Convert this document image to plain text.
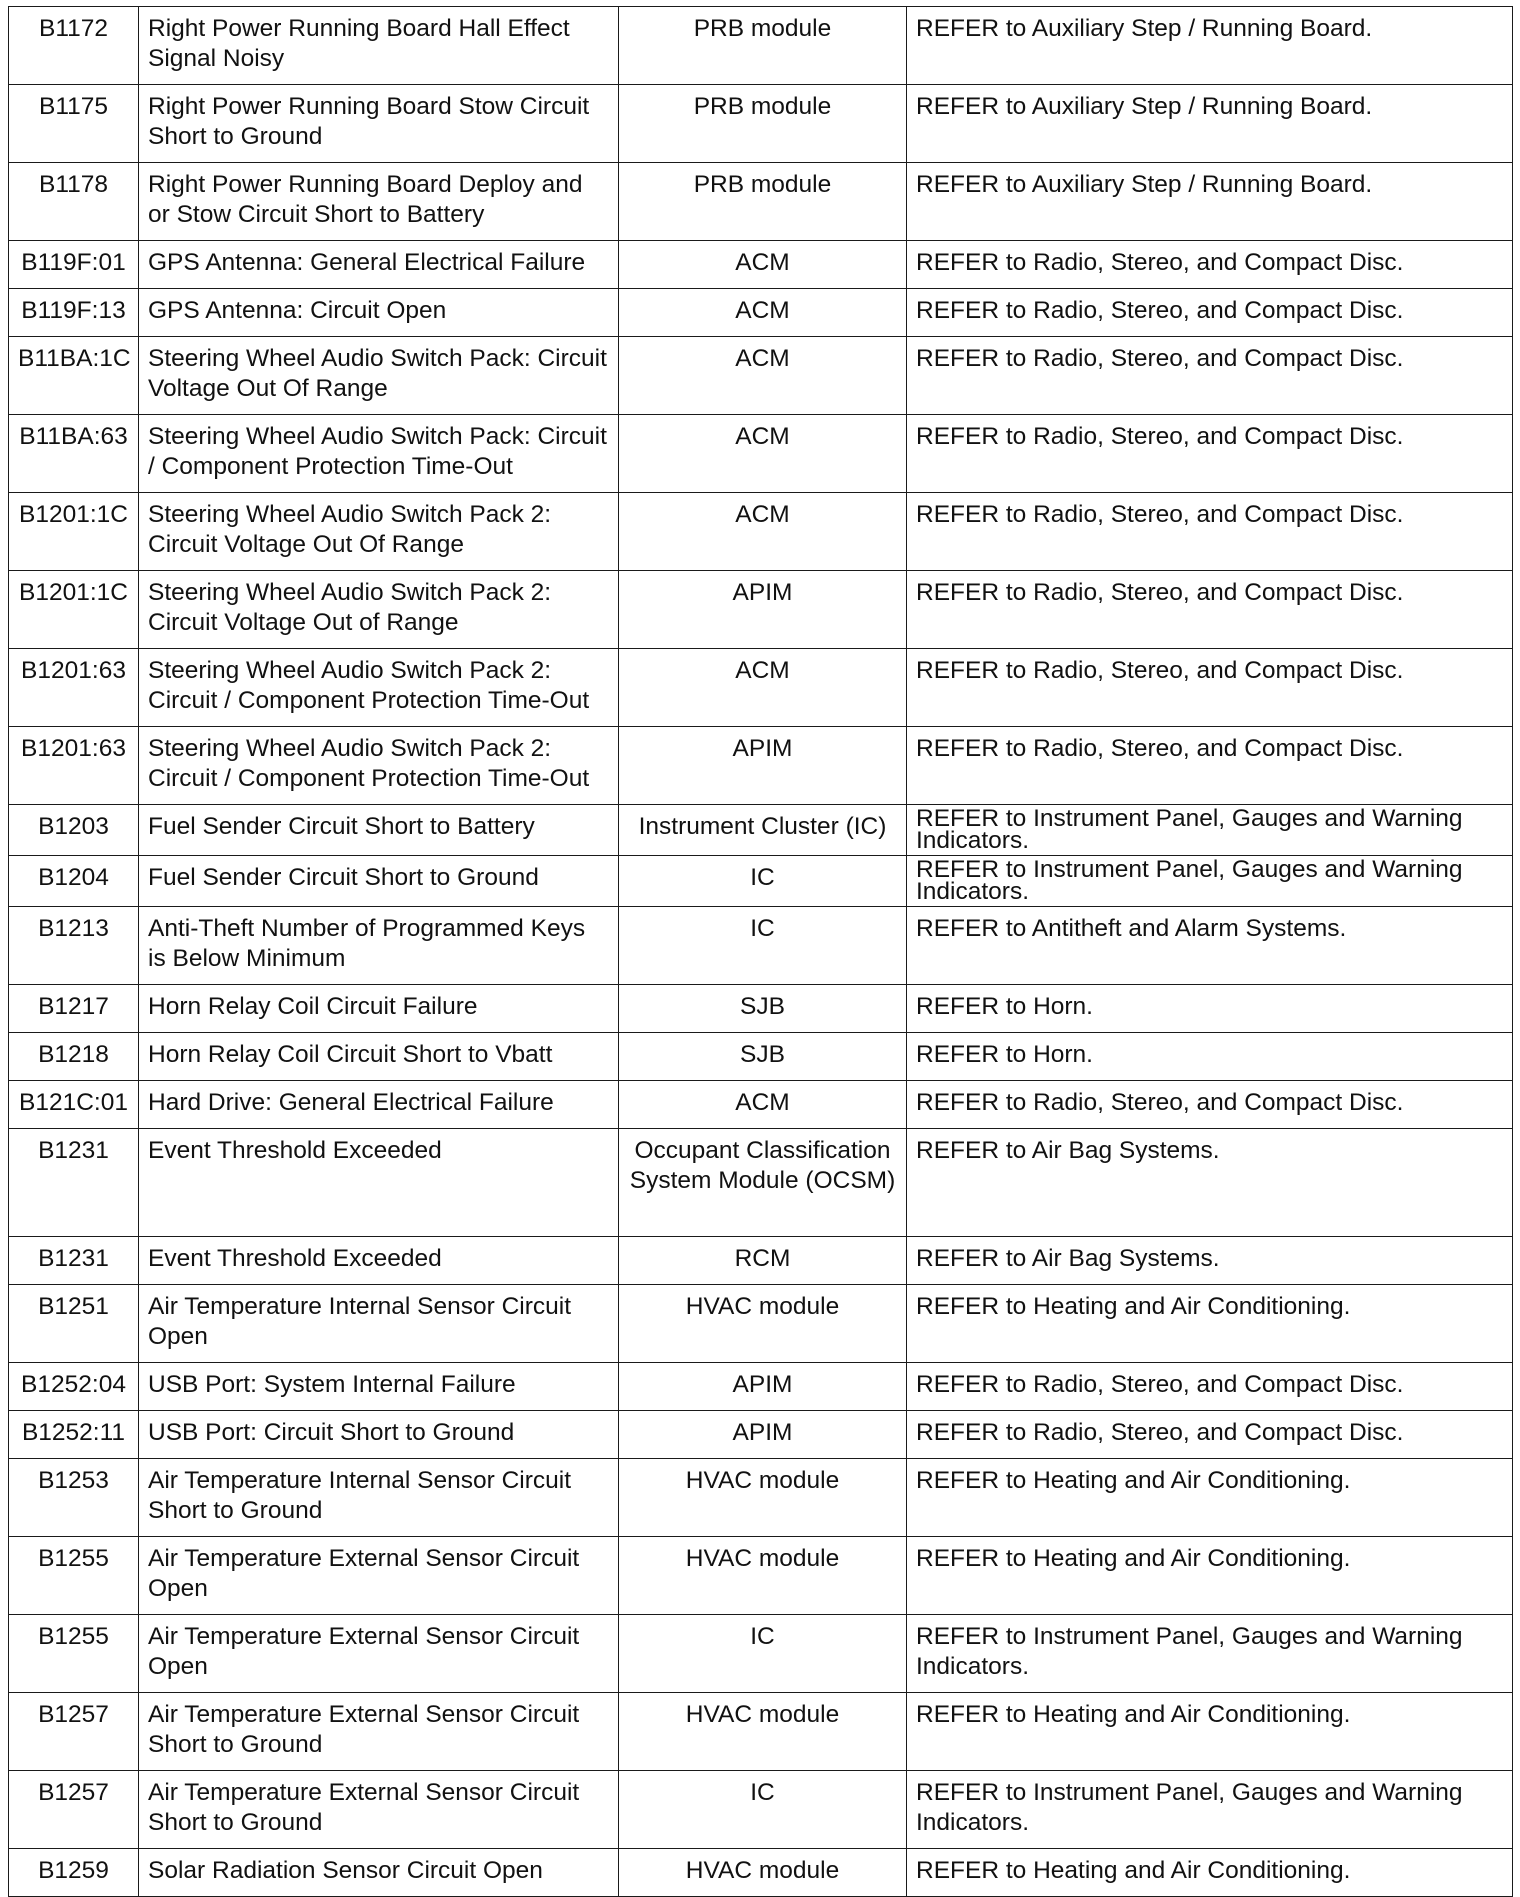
B1172	Right Power Running Board Hall Effect Signal Noisy	PRB module	REFER to Auxiliary Step / Running Board.
B1175	Right Power Running Board Stow Circuit Short to Ground	PRB module	REFER to Auxiliary Step / Running Board.
B1178	Right Power Running Board Deploy and or Stow Circuit Short to Battery	PRB module	REFER to Auxiliary Step / Running Board.
B119F:01	GPS Antenna: General Electrical Failure	ACM	REFER to Radio, Stereo, and Compact Disc.
B119F:13	GPS Antenna: Circuit Open	ACM	REFER to Radio, Stereo, and Compact Disc.
B11BA:1C	Steering Wheel Audio Switch Pack: Circuit Voltage Out Of Range	ACM	REFER to Radio, Stereo, and Compact Disc.
B11BA:63	Steering Wheel Audio Switch Pack: Circuit / Component Protection Time-Out	ACM	REFER to Radio, Stereo, and Compact Disc.
B1201:1C	Steering Wheel Audio Switch Pack 2: Circuit Voltage Out Of Range	ACM	REFER to Radio, Stereo, and Compact Disc.
B1201:1C	Steering Wheel Audio Switch Pack 2: Circuit Voltage Out of Range	APIM	REFER to Radio, Stereo, and Compact Disc.
B1201:63	Steering Wheel Audio Switch Pack 2: Circuit / Component Protection Time-Out	ACM	REFER to Radio, Stereo, and Compact Disc.
B1201:63	Steering Wheel Audio Switch Pack 2: Circuit / Component Protection Time-Out	APIM	REFER to Radio, Stereo, and Compact Disc.
B1203	Fuel Sender Circuit Short to Battery	Instrument Cluster (IC)	REFER to Instrument Panel, Gauges and Warning Indicators.
B1204	Fuel Sender Circuit Short to Ground	IC	REFER to Instrument Panel, Gauges and Warning Indicators.
B1213	Anti-Theft Number of Programmed Keys is Below Minimum	IC	REFER to Antitheft and Alarm Systems.
B1217	Horn Relay Coil Circuit Failure	SJB	REFER to Horn.
B1218	Horn Relay Coil Circuit Short to Vbatt	SJB	REFER to Horn.
B121C:01	Hard Drive: General Electrical Failure	ACM	REFER to Radio, Stereo, and Compact Disc.
B1231	Event Threshold Exceeded	Occupant Classification System Module (OCSM)	REFER to Air Bag Systems.
B1231	Event Threshold Exceeded	RCM	REFER to Air Bag Systems.
B1251	Air Temperature Internal Sensor Circuit Open	HVAC module	REFER to Heating and Air Conditioning.
B1252:04	USB Port: System Internal Failure	APIM	REFER to Radio, Stereo, and Compact Disc.
B1252:11	USB Port: Circuit Short to Ground	APIM	REFER to Radio, Stereo, and Compact Disc.
B1253	Air Temperature Internal Sensor Circuit Short to Ground	HVAC module	REFER to Heating and Air Conditioning.
B1255	Air Temperature External Sensor Circuit Open	HVAC module	REFER to Heating and Air Conditioning.
B1255	Air Temperature External Sensor Circuit Open	IC	REFER to Instrument Panel, Gauges and Warning Indicators.
B1257	Air Temperature External Sensor Circuit Short to Ground	HVAC module	REFER to Heating and Air Conditioning.
B1257	Air Temperature External Sensor Circuit Short to Ground	IC	REFER to Instrument Panel, Gauges and Warning Indicators.
B1259	Solar Radiation Sensor Circuit Open	HVAC module	REFER to Heating and Air Conditioning.
